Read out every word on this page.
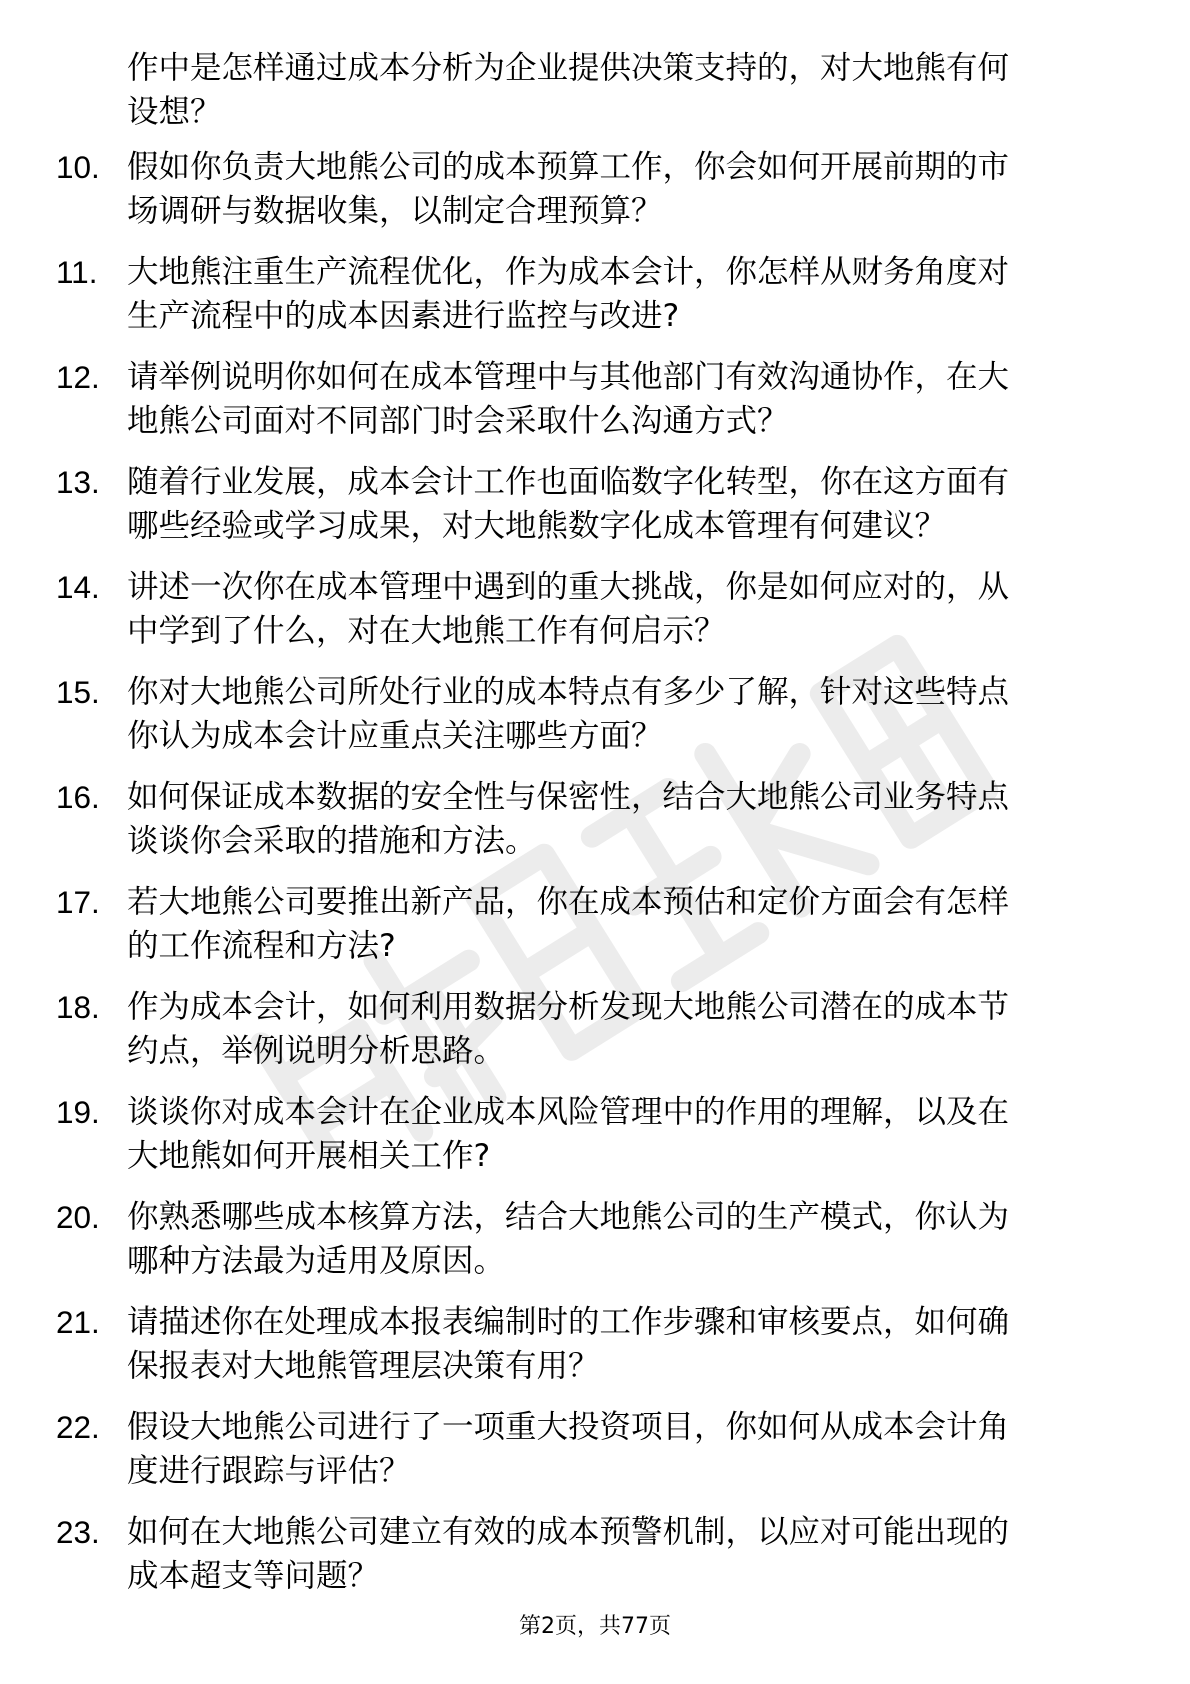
作中是怎样通过成本分析为企业提供决策支持的，对大地熊有何
设想？
10. 假如你负责大地熊公司的成本预算工作，你会如何开展前期的市
场调研与数据收集，以制定合理预算？
11. 大地熊注重生产流程优化，作为成本会计，你怎样从财务角度对
生产流程中的成本因素进行监控与改进?
12. 请举例说明你如何在成本管理中与其他部门有效沟通协作，在大
地熊公司面对不同部门时会采取什么沟通方式？
13. 随着行业发展，成本会计工作也面临数字化转型，你在这方面有
哪些经验或学习成果，对大地熊数字化成本管理有何建议？
14. 讲述一次你在成本管理中遇到的重大挑战，你是如何应对的，从
中学到了什么，对在大地熊工作有何启示？
15. 你对大地熊公司所处行业的成本特点有多少了解，针对这些特点
你认为成本会计应重点关注哪些方面？
16. 如何保证成本数据的安全性与保密性，结合大地熊公司业务特点
谈谈你会采取的措施和方法。
17. 若大地熊公司要推出新产品，你在成本预估和定价方面会有怎样
的工作流程和方法?
18. 作为成本会计，如何利用数据分析发现大地熊公司潜在的成本节
约点，举例说明分析思路。
19. 谈谈你对成本会计在企业成本风险管理中的作用的理解，以及在
大地熊如何开展相关工作?
20. 你熟悉哪些成本核算方法，结合大地熊公司的生产模式，你认为
哪种方法最为适用及原因。
21. 请描述你在处理成本报表编制时的工作步骤和审核要点，如何确
保报表对大地熊管理层决策有用？
22. 假设大地熊公司进行了一项重大投资项目，你如何从成本会计角
度进行跟踪与评估？
23. 如何在大地熊公司建立有效的成本预警机制，以应对可能出现的
成本超支等问题？
第2页，共77页
